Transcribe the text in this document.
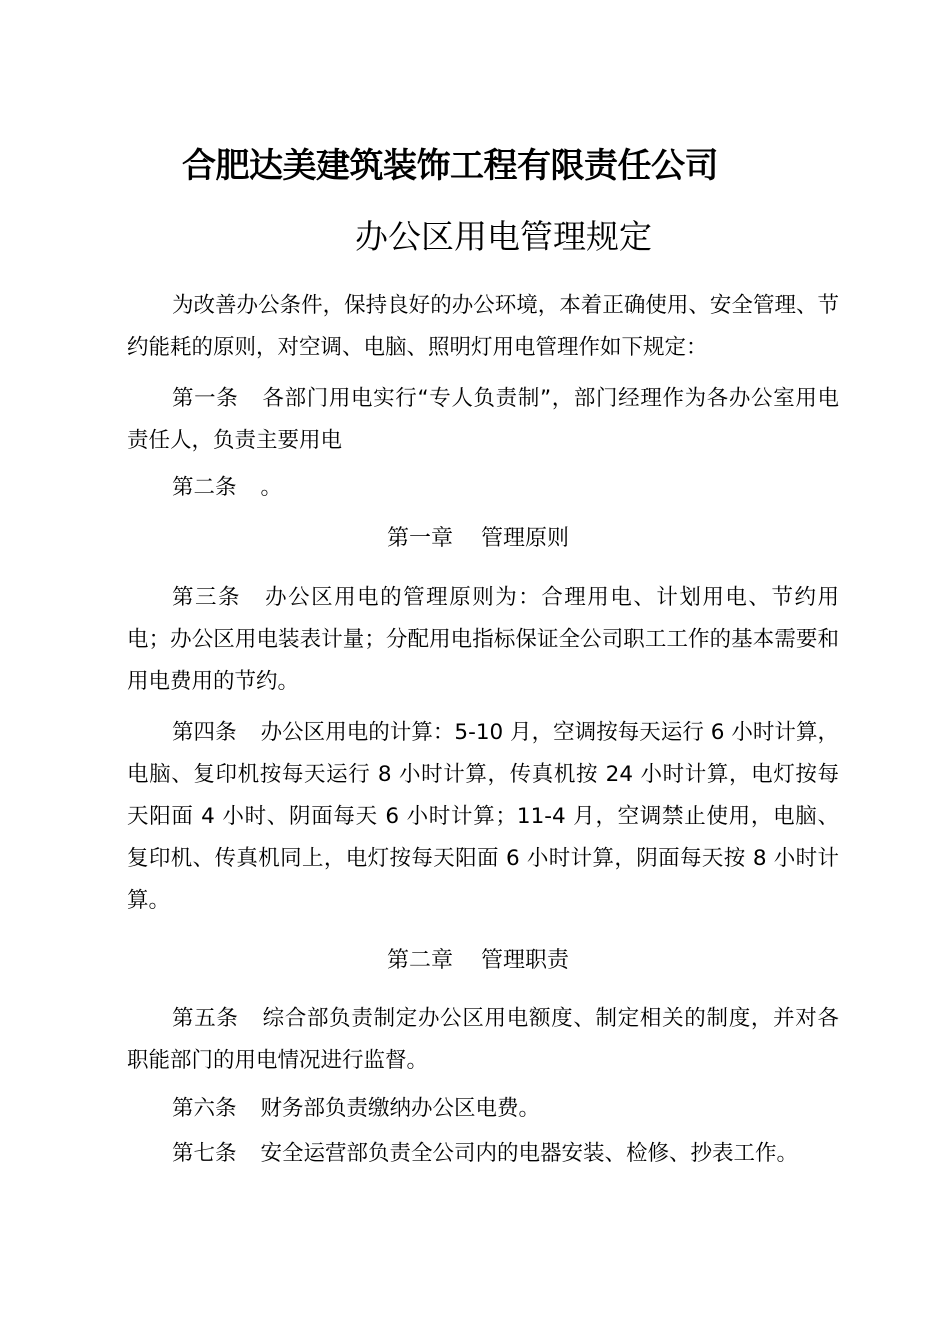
合肥达美建筑装饰工程有限责任公司
办公区用电管理规定
为改善办公条件，保持良好的办公环境，本着正确使用、安全管理、节约能耗的原则，对空调、电脑、照明灯用电管理作如下规定：
第一条 各部门用电实行“专人负责制”，部门经理作为各办公室用电责任人，负责主要用电
第二条 。
第一章 管理原则
第三条 办公区用电的管理原则为：合理用电、计划用电、节约用电；办公区用电装表计量；分配用电指标保证全公司职工工作的基本需要和用电费用的节约。
第四条 办公区用电的计算：5-10 月，空调按每天运行 6 小时计算，电脑、复印机按每天运行 8 小时计算，传真机按 24 小时计算，电灯按每天阳面 4 小时、阴面每天 6 小时计算；11-4 月，空调禁止使用，电脑、复印机、传真机同上，电灯按每天阳面 6 小时计算，阴面每天按 8 小时计算。
第二章 管理职责
第五条 综合部负责制定办公区用电额度、制定相关的制度，并对各职能部门的用电情况进行监督。
第六条 财务部负责缴纳办公区电费。
第七条 安全运营部负责全公司内的电器安装、检修、抄表工作。
